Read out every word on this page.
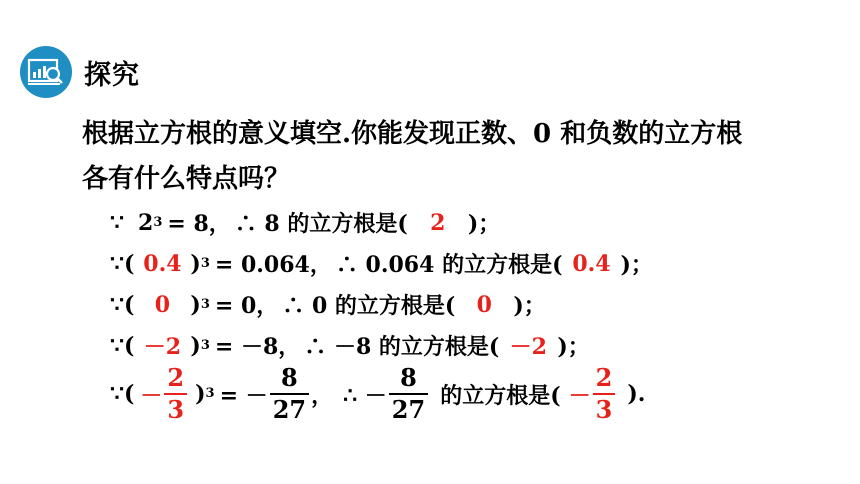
探究
根据立方根的意义填空.你能发现正数、0 和负数的立方根
各有什么特点吗？
∵ 2 3 = 8， ∴ 8 的立方根是(	2	)；
∵( 0.4 ) 3 = 0.064， ∴ 0.064 的立方根是( 0.4 )；
∵( 0 ) 3 = 0， ∴ 0 的立方根是( 0 )；
∵( －2 ) 3 = －8， ∴ －8 的立方根是( －2 )；
∵( － $\frac{2}{3}$ ) 3 = － $\frac{8}{27}$ ， ∴ － $\frac{8}{27}$ 的立方根是( － $\frac{2}{3}$ ).
